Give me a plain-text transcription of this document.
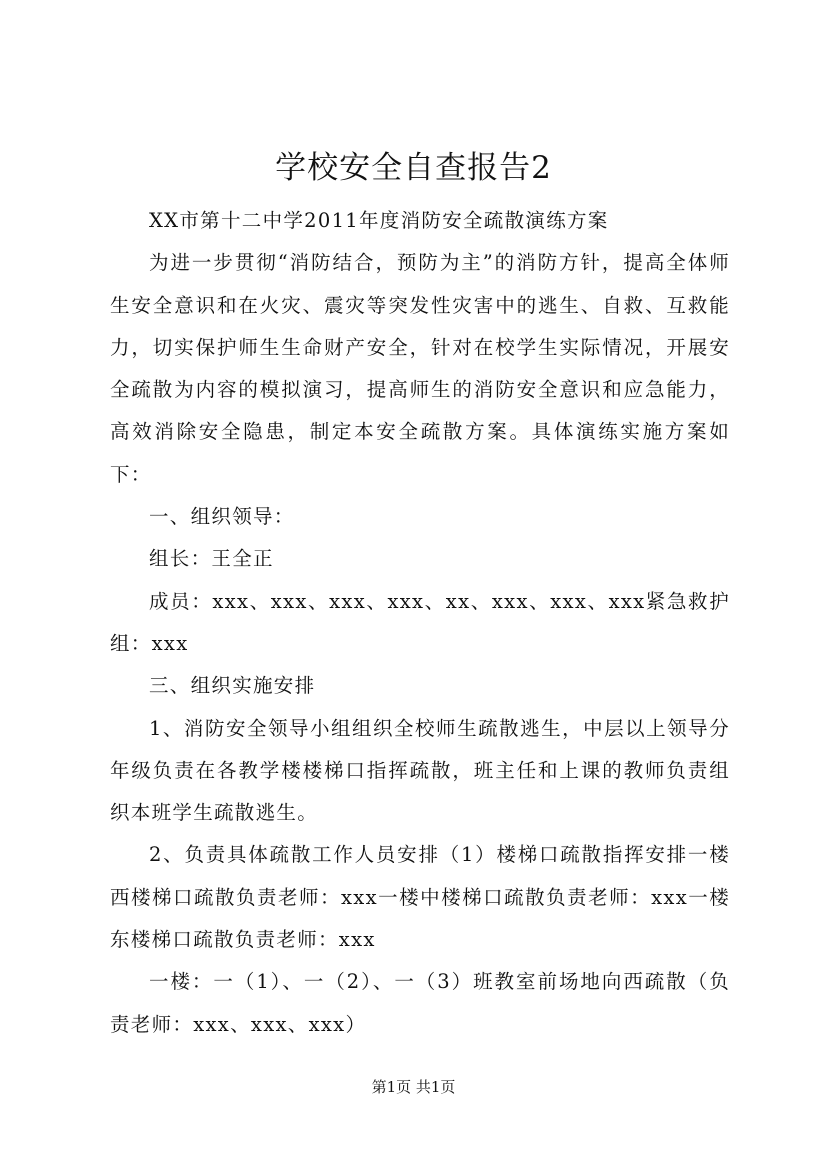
学校安全自查报告2

XX市第十二中学2011年度消防安全疏散演练方案

为进一步贯彻“消防结合，预防为主”的消防方针，提高全体师生安全意识和在火灾、震灾等突发性灾害中的逃生、自救、互救能力，切实保护师生生命财产安全，针对在校学生实际情况，开展安全疏散为内容的模拟演习，提高师生的消防安全意识和应急能力，高效消除安全隐患，制定本安全疏散方案。具体演练实施方案如下：

一、组织领导：

组长：王全正

成员：xxx、xxx、xxx、xxx、xx、xxx、xxx、xxx紧急救护组：xxx

三、组织实施安排

1、消防安全领导小组组织全校师生疏散逃生，中层以上领导分年级负责在各教学楼楼梯口指挥疏散，班主任和上课的教师负责组织本班学生疏散逃生。

2、负责具体疏散工作人员安排（1）楼梯口疏散指挥安排一楼西楼梯口疏散负责老师：xxx一楼中楼梯口疏散负责老师：xxx一楼东楼梯口疏散负责老师：xxx

一楼：一（1）、一（2）、一（3）班教室前场地向西疏散（负责老师：xxx、xxx、xxx）

第1页 共1页
